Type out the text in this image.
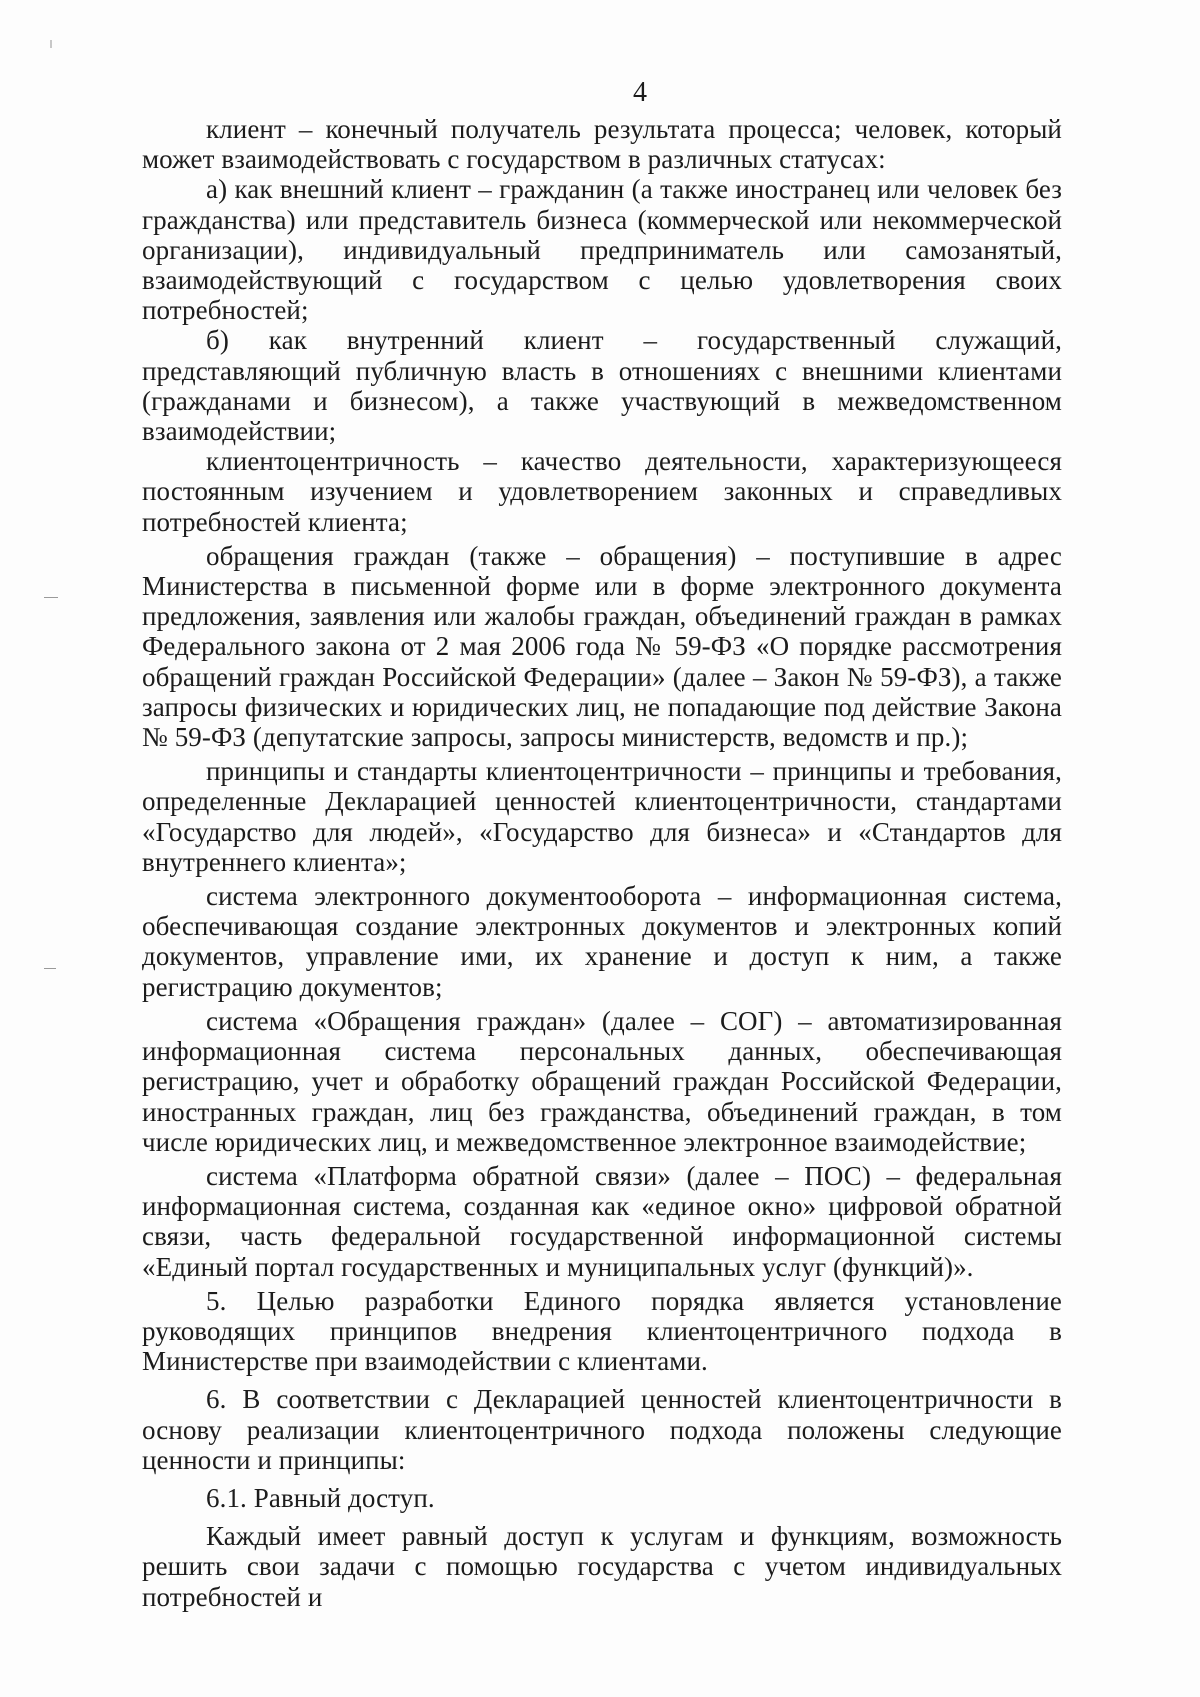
4

клиент – конечный получатель результата процесса; человек, который может взаимодействовать с государством в различных статусах:

а) как внешний клиент – гражданин (а также иностранец или человек без гражданства) или представитель бизнеса (коммерческой или некоммерческой организации), индивидуальный предприниматель или самозанятый, взаимодействующий с государством с целью удовлетворения своих потребностей;

б) как внутренний клиент – государственный служащий, представляющий публичную власть в отношениях с внешними клиентами (гражданами и бизнесом), а также участвующий в межведомственном взаимодействии;

клиентоцентричность – качество деятельности, характеризующееся постоянным изучением и удовлетворением законных и справедливых потребностей клиента;

обращения граждан (также – обращения) – поступившие в адрес Министерства в письменной форме или в форме электронного документа предложения, заявления или жалобы граждан, объединений граждан в рамках Федерального закона от 2 мая 2006 года № 59-ФЗ «О порядке рассмотрения обращений граждан Российской Федерации» (далее – Закон № 59-ФЗ), а также запросы физических и юридических лиц, не попадающие под действие Закона № 59-ФЗ (депутатские запросы, запросы министерств, ведомств и пр.);

принципы и стандарты клиентоцентричности – принципы и требования, определенные Декларацией ценностей клиентоцентричности, стандартами «Государство для людей», «Государство для бизнеса» и «Стандартов для внутреннего клиента»;

система электронного документооборота – информационная система, обеспечивающая создание электронных документов и электронных копий документов, управление ими, их хранение и доступ к ним, а также регистрацию документов;

система «Обращения граждан» (далее – СОГ) – автоматизированная информационная система персональных данных, обеспечивающая регистрацию, учет и обработку обращений граждан Российской Федерации, иностранных граждан, лиц без гражданства, объединений граждан, в том числе юридических лиц, и межведомственное электронное взаимодействие;

система «Платформа обратной связи» (далее – ПОС) – федеральная информационная система, созданная как «единое окно» цифровой обратной связи, часть федеральной государственной информационной системы «Единый портал государственных и муниципальных услуг (функций)».

5. Целью разработки Единого порядка является установление руководящих принципов внедрения клиентоцентричного подхода в Министерстве при взаимодействии с клиентами.

6. В соответствии с Декларацией ценностей клиентоцентричности в основу реализации клиентоцентричного подхода положены следующие ценности и принципы:

6.1. Равный доступ.

Каждый имеет равный доступ к услугам и функциям, возможность решить свои задачи с помощью государства с учетом индивидуальных потребностей и
